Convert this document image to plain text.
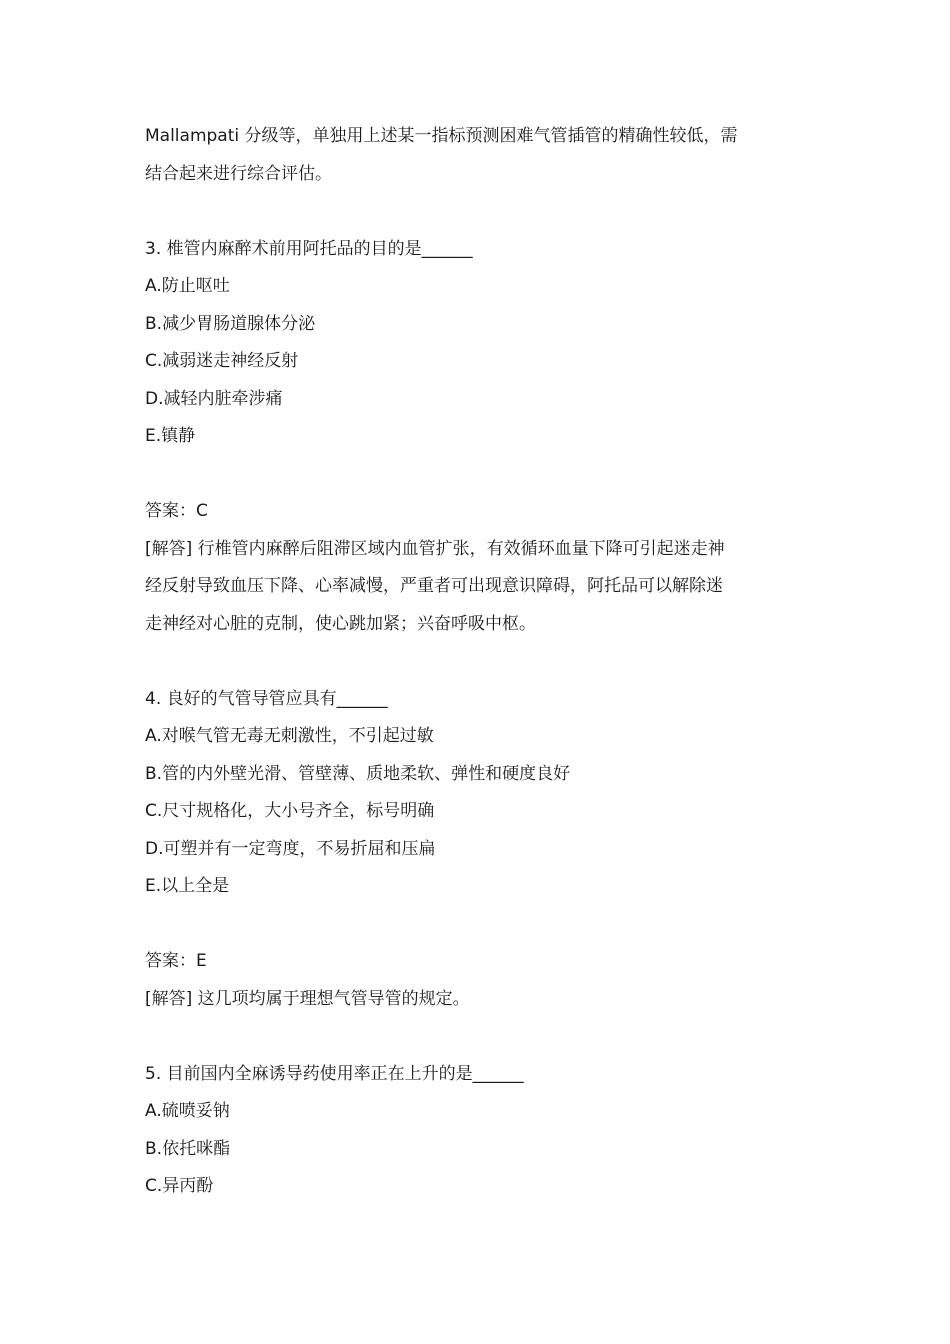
Mallampati 分级等，单独用上述某一指标预测困难气管插管的精确性较低，需
结合起来进行综合评估。
3. 椎管内麻醉术前用阿托品的目的是______
A.防止呕吐
B.减少胃肠道腺体分泌
C.减弱迷走神经反射
D.减轻内脏牵涉痛
E.镇静
答案：C
[解答] 行椎管内麻醉后阻滞区域内血管扩张，有效循环血量下降可引起迷走神
经反射导致血压下降、心率减慢，严重者可出现意识障碍，阿托品可以解除迷
走神经对心脏的克制，使心跳加紧；兴奋呼吸中枢。
4. 良好的气管导管应具有______
A.对喉气管无毒无刺激性，不引起过敏
B.管的内外壁光滑、管壁薄、质地柔软、弹性和硬度良好
C.尺寸规格化，大小号齐全，标号明确
D.可塑并有一定弯度，不易折屈和压扁
E.以上全是
答案：E
[解答] 这几项均属于理想气管导管的规定。
5. 目前国内全麻诱导药使用率正在上升的是______
A.硫喷妥钠
B.依托咪酯
C.异丙酚
